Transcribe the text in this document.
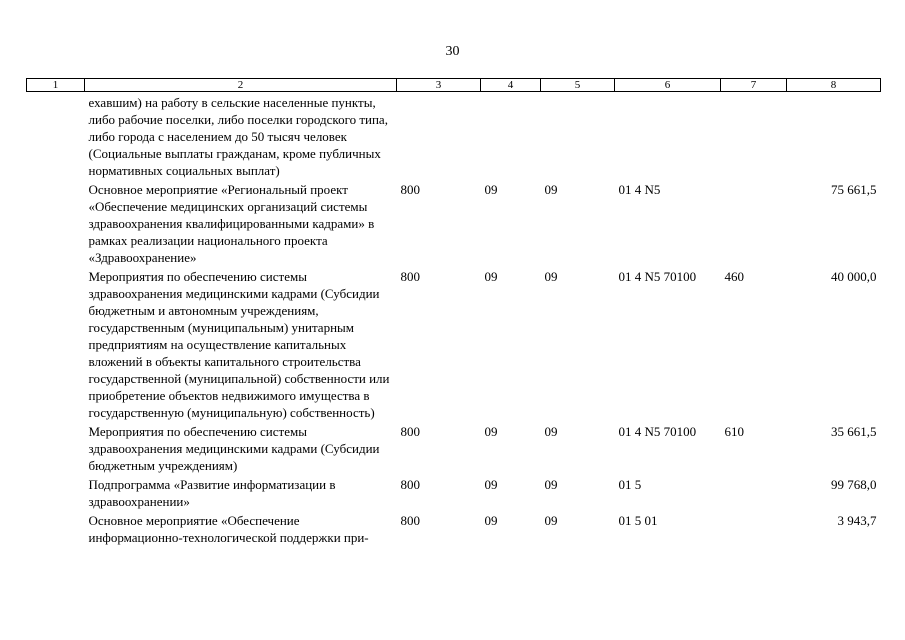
30
1	2	3	4	5	6	7	8
	ехавшим) на работу в сельские населенные пункты, либо рабочие поселки, либо поселки городского типа, либо города с населением до 50 тысяч человек (Социальные выплаты гражданам, кроме публичных нормативных социальных выплат)						
	Основное мероприятие «Региональный проект «Обеспечение медицинских организаций системы здравоохранения квалифицированными кадрами» в рамках реализации национального проекта «Здравоохранение»	800	09	09	01 4 N5		75 661,5
	Мероприятия по обеспечению системы здравоохранения медицинскими кадрами (Субсидии бюджетным и автономным учреждениям, государственным (муниципальным) унитарным предприятиям на осуществление капитальных вложений в объекты капитального строительства государственной (муниципальной) собственности или приобретение объектов недвижимого имущества в государственную (муниципальную) собственность)	800	09	09	01 4 N5 70100	460	40 000,0
	Мероприятия по обеспечению системы здравоохранения медицинскими кадрами (Субсидии бюджетным учреждениям)	800	09	09	01 4 N5 70100	610	35 661,5
	Подпрограмма «Развитие информатизации в здравоохранении»	800	09	09	01 5		99 768,0
	Основное мероприятие «Обеспечение информационно-технологической поддержки при-	800	09	09	01 5 01		3 943,7
